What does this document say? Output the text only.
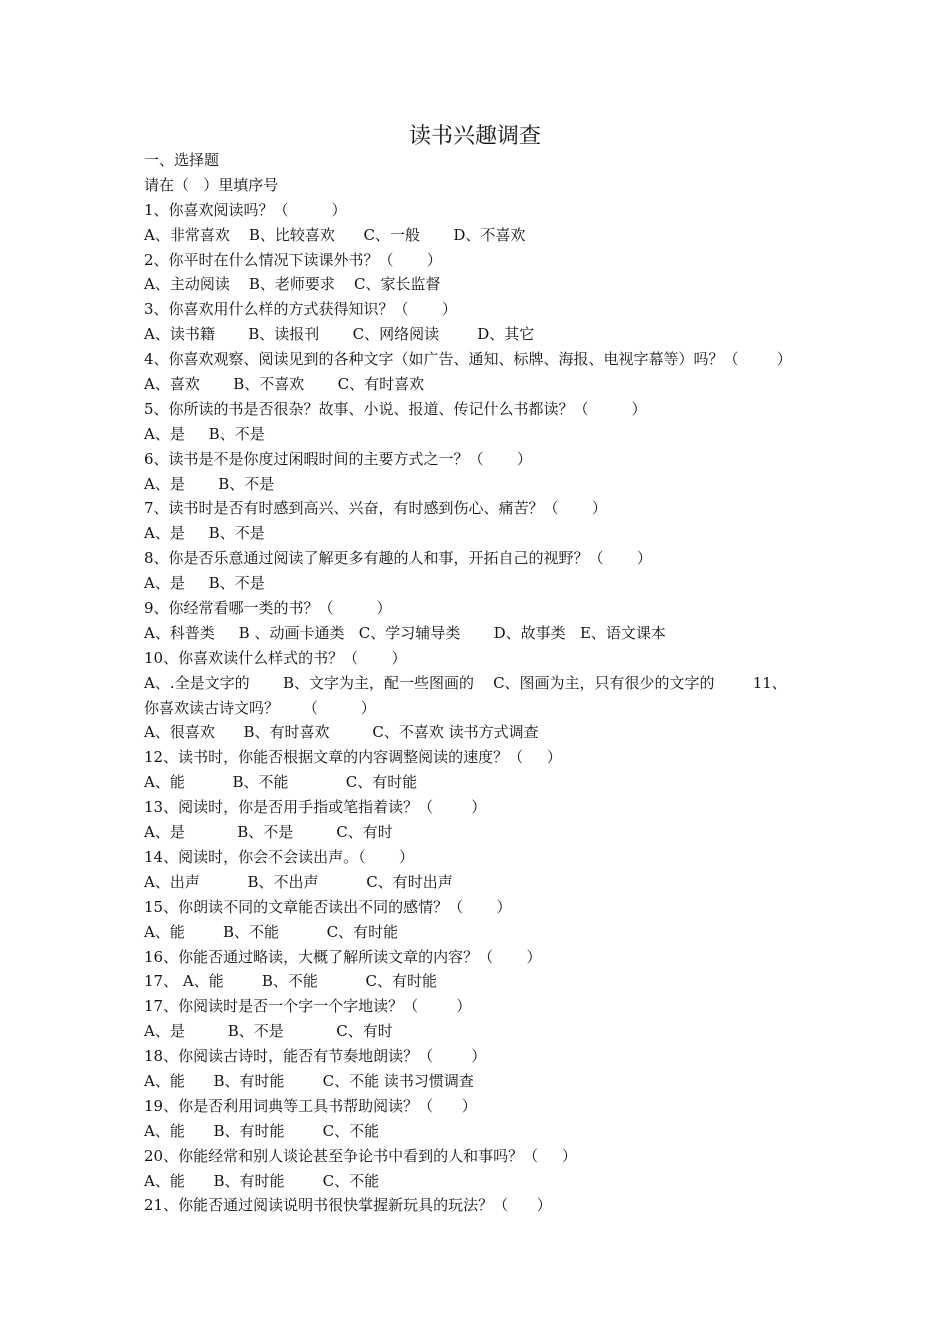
读书兴趣调查
一、选择题
请在（   ）里填序号
1、你喜欢阅读吗？（         ）
A、非常喜欢    B、比较喜欢      C、一般       D、不喜欢
2、你平时在什么情况下读课外书？（       ）
A、主动阅读    B、老师要求    C、家长监督
3、你喜欢用什么样的方式获得知识？（       ）
A、读书籍       B、读报刊       C、网络阅读        D、其它
4、你喜欢观察、阅读见到的各种文字（如广告、通知、标牌、海报、电视字幕等）吗？（        ）
A、喜欢       B、不喜欢       C、有时喜欢
5、你所读的书是否很杂？故事、小说、报道、传记什么书都读？（         ）
A、是     B、不是
6、读书是不是你度过闲暇时间的主要方式之一？（       ）
A、是       B、不是
7、读书时是否有时感到高兴、兴奋，有时感到伤心、痛苦？（       ）
A、是     B、不是
8、你是否乐意通过阅读了解更多有趣的人和事，开拓自己的视野？（       ）
A、是     B、不是
9、你经常看哪一类的书？（         ）
A、科普类     B 、动画卡通类   C、学习辅导类       D、故事类   E、语文课本
10、你喜欢读什么样式的书？（       ）
A、.全是文字的       B、文字为主，配一些图画的    C、图画为主，只有很少的文字的        11、
你喜欢读古诗文吗？     （         ）
A、很喜欢      B、有时喜欢         C、不喜欢 读书方式调查
12、读书时，你能否根据文章的内容调整阅读的速度？（     ）
A、能          B、不能            C、有时能
13、阅读时，你是否用手指或笔指着读？（        ）
A、是           B、不是         C、有时
14、阅读时，你会不会读出声。（       ）
A、出声          B、不出声          C、有时出声
15、你朗读不同的文章能否读出不同的感情？（       ）
A、能        B、不能          C、有时能
16、你能否通过略读，大概了解所读文章的内容？（       ）
17、 A、能        B、不能          C、有时能
17、你阅读时是否一个字一个字地读？（        ）
A、是         B、不是           C、有时
18、你阅读古诗时，能否有节奏地朗读？（        ）
A、能      B、有时能        C、不能 读书习惯调查
19、你是否利用词典等工具书帮助阅读？（      ）
A、能      B、有时能        C、不能
20、你能经常和别人谈论甚至争论书中看到的人和事吗？（     ）
A、能      B、有时能        C、不能
21、你能否通过阅读说明书很快掌握新玩具的玩法？（      ）
